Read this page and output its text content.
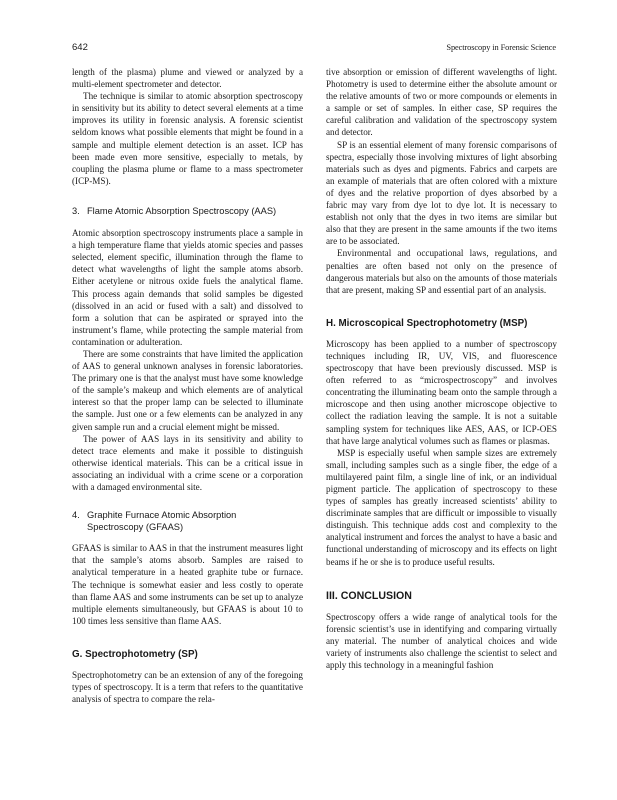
642	Spectroscopy in Forensic Science

length of the plasma) plume and viewed or analyzed by a multi-element spectrometer and detector.

The technique is similar to atomic absorption spectroscopy in sensitivity but its ability to detect several elements at a time improves its utility in forensic analysis. A forensic scientist seldom knows what possible elements that might be found in a sample and multiple element detection is an asset. ICP has been made even more sensitive, especially to metals, by coupling the plasma plume or flame to a mass spectrometer (ICP-MS).

3. Flame Atomic Absorption Spectroscopy (AAS)

Atomic absorption spectroscopy instruments place a sample in a high temperature flame that yields atomic species and passes selected, element specific, illumination through the flame to detect what wavelengths of light the sample atoms absorb. Either acetylene or nitrous oxide fuels the analytical flame. This process again demands that solid samples be digested (dissolved in an acid or fused with a salt) and dissolved to form a solution that can be aspirated or sprayed into the instrument’s flame, while protecting the sample material from contamination or adulteration.

There are some constraints that have limited the application of AAS to general unknown analyses in forensic laboratories. The primary one is that the analyst must have some knowledge of the sample’s makeup and which elements are of analytical interest so that the proper lamp can be selected to illuminate the sample. Just one or a few elements can be analyzed in any given sample run and a crucial element might be missed.

The power of AAS lays in its sensitivity and ability to detect trace elements and make it possible to distinguish otherwise identical materials. This can be a critical issue in associating an individual with a crime scene or a corporation with a damaged environmental site.

4. Graphite Furnace Atomic Absorption
Spectroscopy (GFAAS)

GFAAS is similar to AAS in that the instrument measures light that the sample’s atoms absorb. Samples are raised to analytical temperature in a heated graphite tube or furnace. The technique is somewhat easier and less costly to operate than flame AAS and some instruments can be set up to analyze multiple elements simultaneously, but GFAAS is about 10 to 100 times less sensitive than flame AAS.

G. Spectrophotometry (SP)

Spectrophotometry can be an extension of any of the foregoing types of spectroscopy. It is a term that refers to the quantitative analysis of spectra to compare the rela-

tive absorption or emission of different wavelengths of light. Photometry is used to determine either the absolute amount or the relative amounts of two or more compounds or elements in a sample or set of samples. In either case, SP requires the careful calibration and validation of the spectroscopy system and detector.

SP is an essential element of many forensic comparisons of spectra, especially those involving mixtures of light absorbing materials such as dyes and pigments. Fabrics and carpets are an example of materials that are often colored with a mixture of dyes and the relative proportion of dyes absorbed by a fabric may vary from dye lot to dye lot. It is necessary to establish not only that the dyes in two items are similar but also that they are present in the same amounts if the two items are to be associated.

Environmental and occupational laws, regulations, and penalties are often based not only on the presence of dangerous materials but also on the amounts of those materials that are present, making SP and essential part of an analysis.

H. Microscopical Spectrophotometry (MSP)

Microscopy has been applied to a number of spectroscopy techniques including IR, UV, VIS, and fluorescence spectroscopy that have been previously discussed. MSP is often referred to as “microspectroscopy” and involves concentrating the illuminating beam onto the sample through a microscope and then using another microscope objective to collect the radiation leaving the sample. It is not a suitable sampling system for techniques like AES, AAS, or ICP-OES that have large analytical volumes such as flames or plasmas.

MSP is especially useful when sample sizes are extremely small, including samples such as a single fiber, the edge of a multilayered paint film, a single line of ink, or an individual pigment particle. The application of spectroscopy to these types of samples has greatly increased scientists’ ability to discriminate samples that are difficult or impossible to visually distinguish. This technique adds cost and complexity to the analytical instrument and forces the analyst to have a basic and functional understanding of microscopy and its effects on light beams if he or she is to produce useful results.

III. CONCLUSION

Spectroscopy offers a wide range of analytical tools for the forensic scientist’s use in identifying and comparing virtually any material. The number of analytical choices and wide variety of instruments also challenge the scientist to select and apply this technology in a meaningful fashion
